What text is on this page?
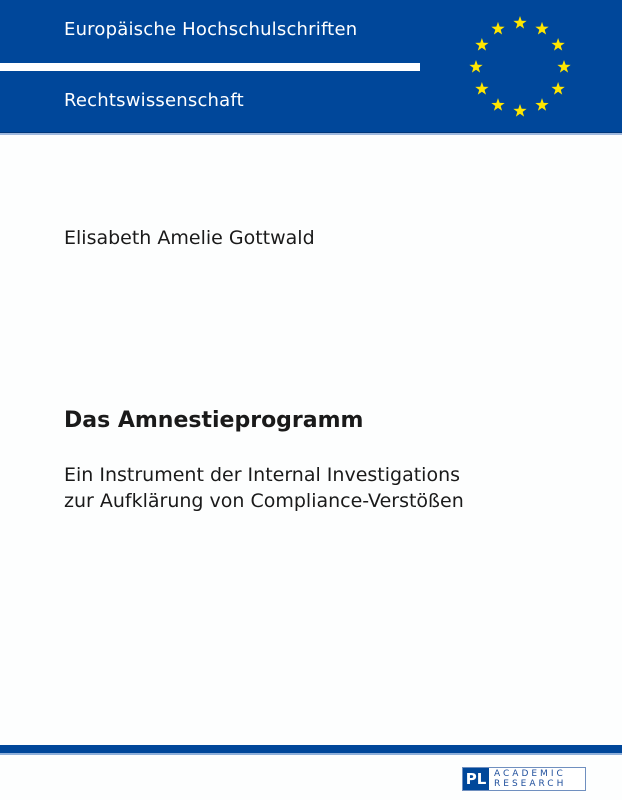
Europäische Hochschulschriften
Rechtswissenschaft
Elisabeth Amelie Gottwald
Das Amnestieprogramm
Ein Instrument der Internal Investigations
zur Aufklärung von Compliance-Verstößen
PL ACADEMIC
RESEARCH
